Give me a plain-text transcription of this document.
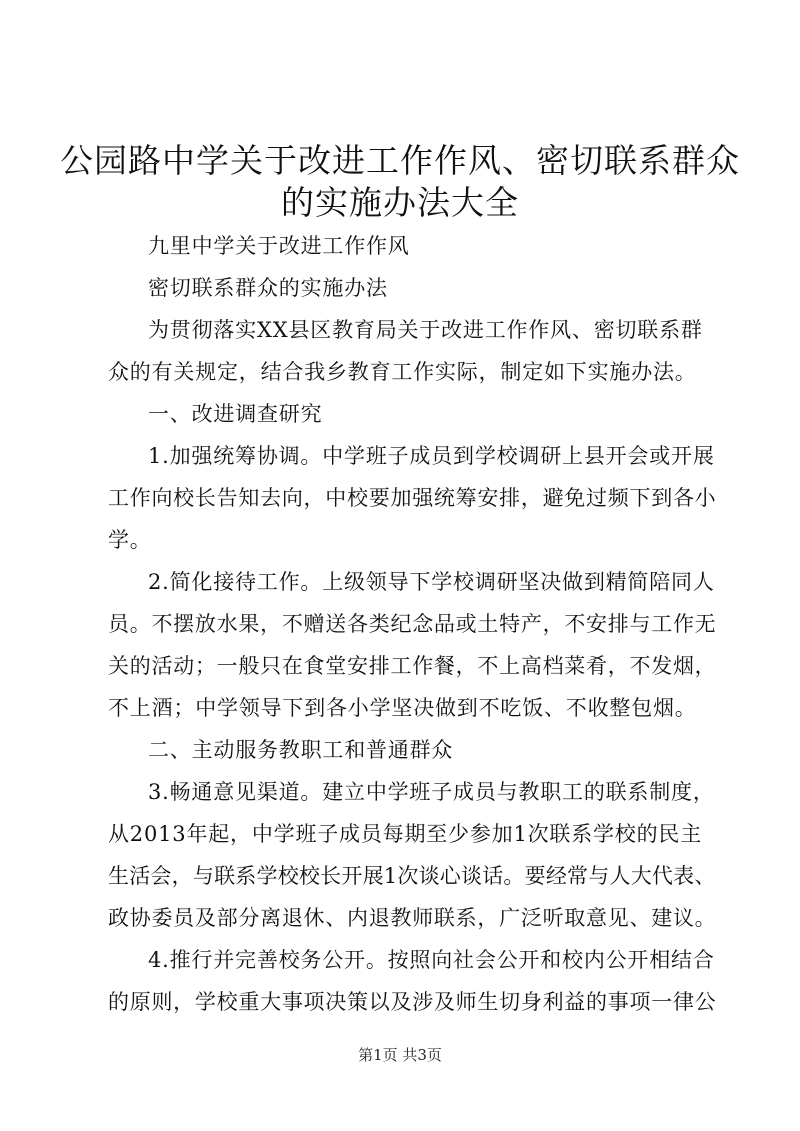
公园路中学关于改进工作作风、密切联系群众
的实施办法大全
九里中学关于改进工作作风
密切联系群众的实施办法
为贯彻落实XX县区教育局关于改进工作作风、密切联系群
众的有关规定，结合我乡教育工作实际，制定如下实施办法。
一、改进调查研究
1.加强统筹协调。中学班子成员到学校调研上县开会或开展
工作向校长告知去向，中校要加强统筹安排，避免过频下到各小
学。
2.简化接待工作。上级领导下学校调研坚决做到精简陪同人
员。不摆放水果，不赠送各类纪念品或土特产，不安排与工作无
关的活动；一般只在食堂安排工作餐，不上高档菜肴，不发烟，
不上酒；中学领导下到各小学坚决做到不吃饭、不收整包烟。
二、主动服务教职工和普通群众
3.畅通意见渠道。建立中学班子成员与教职工的联系制度，
从2013年起，中学班子成员每期至少参加1次联系学校的民主
生活会，与联系学校校长开展1次谈心谈话。要经常与人大代表、
政协委员及部分离退休、内退教师联系，广泛听取意见、建议。
4.推行并完善校务公开。按照向社会公开和校内公开相结合
的原则，学校重大事项决策以及涉及师生切身利益的事项一律公
第1页 共3页
